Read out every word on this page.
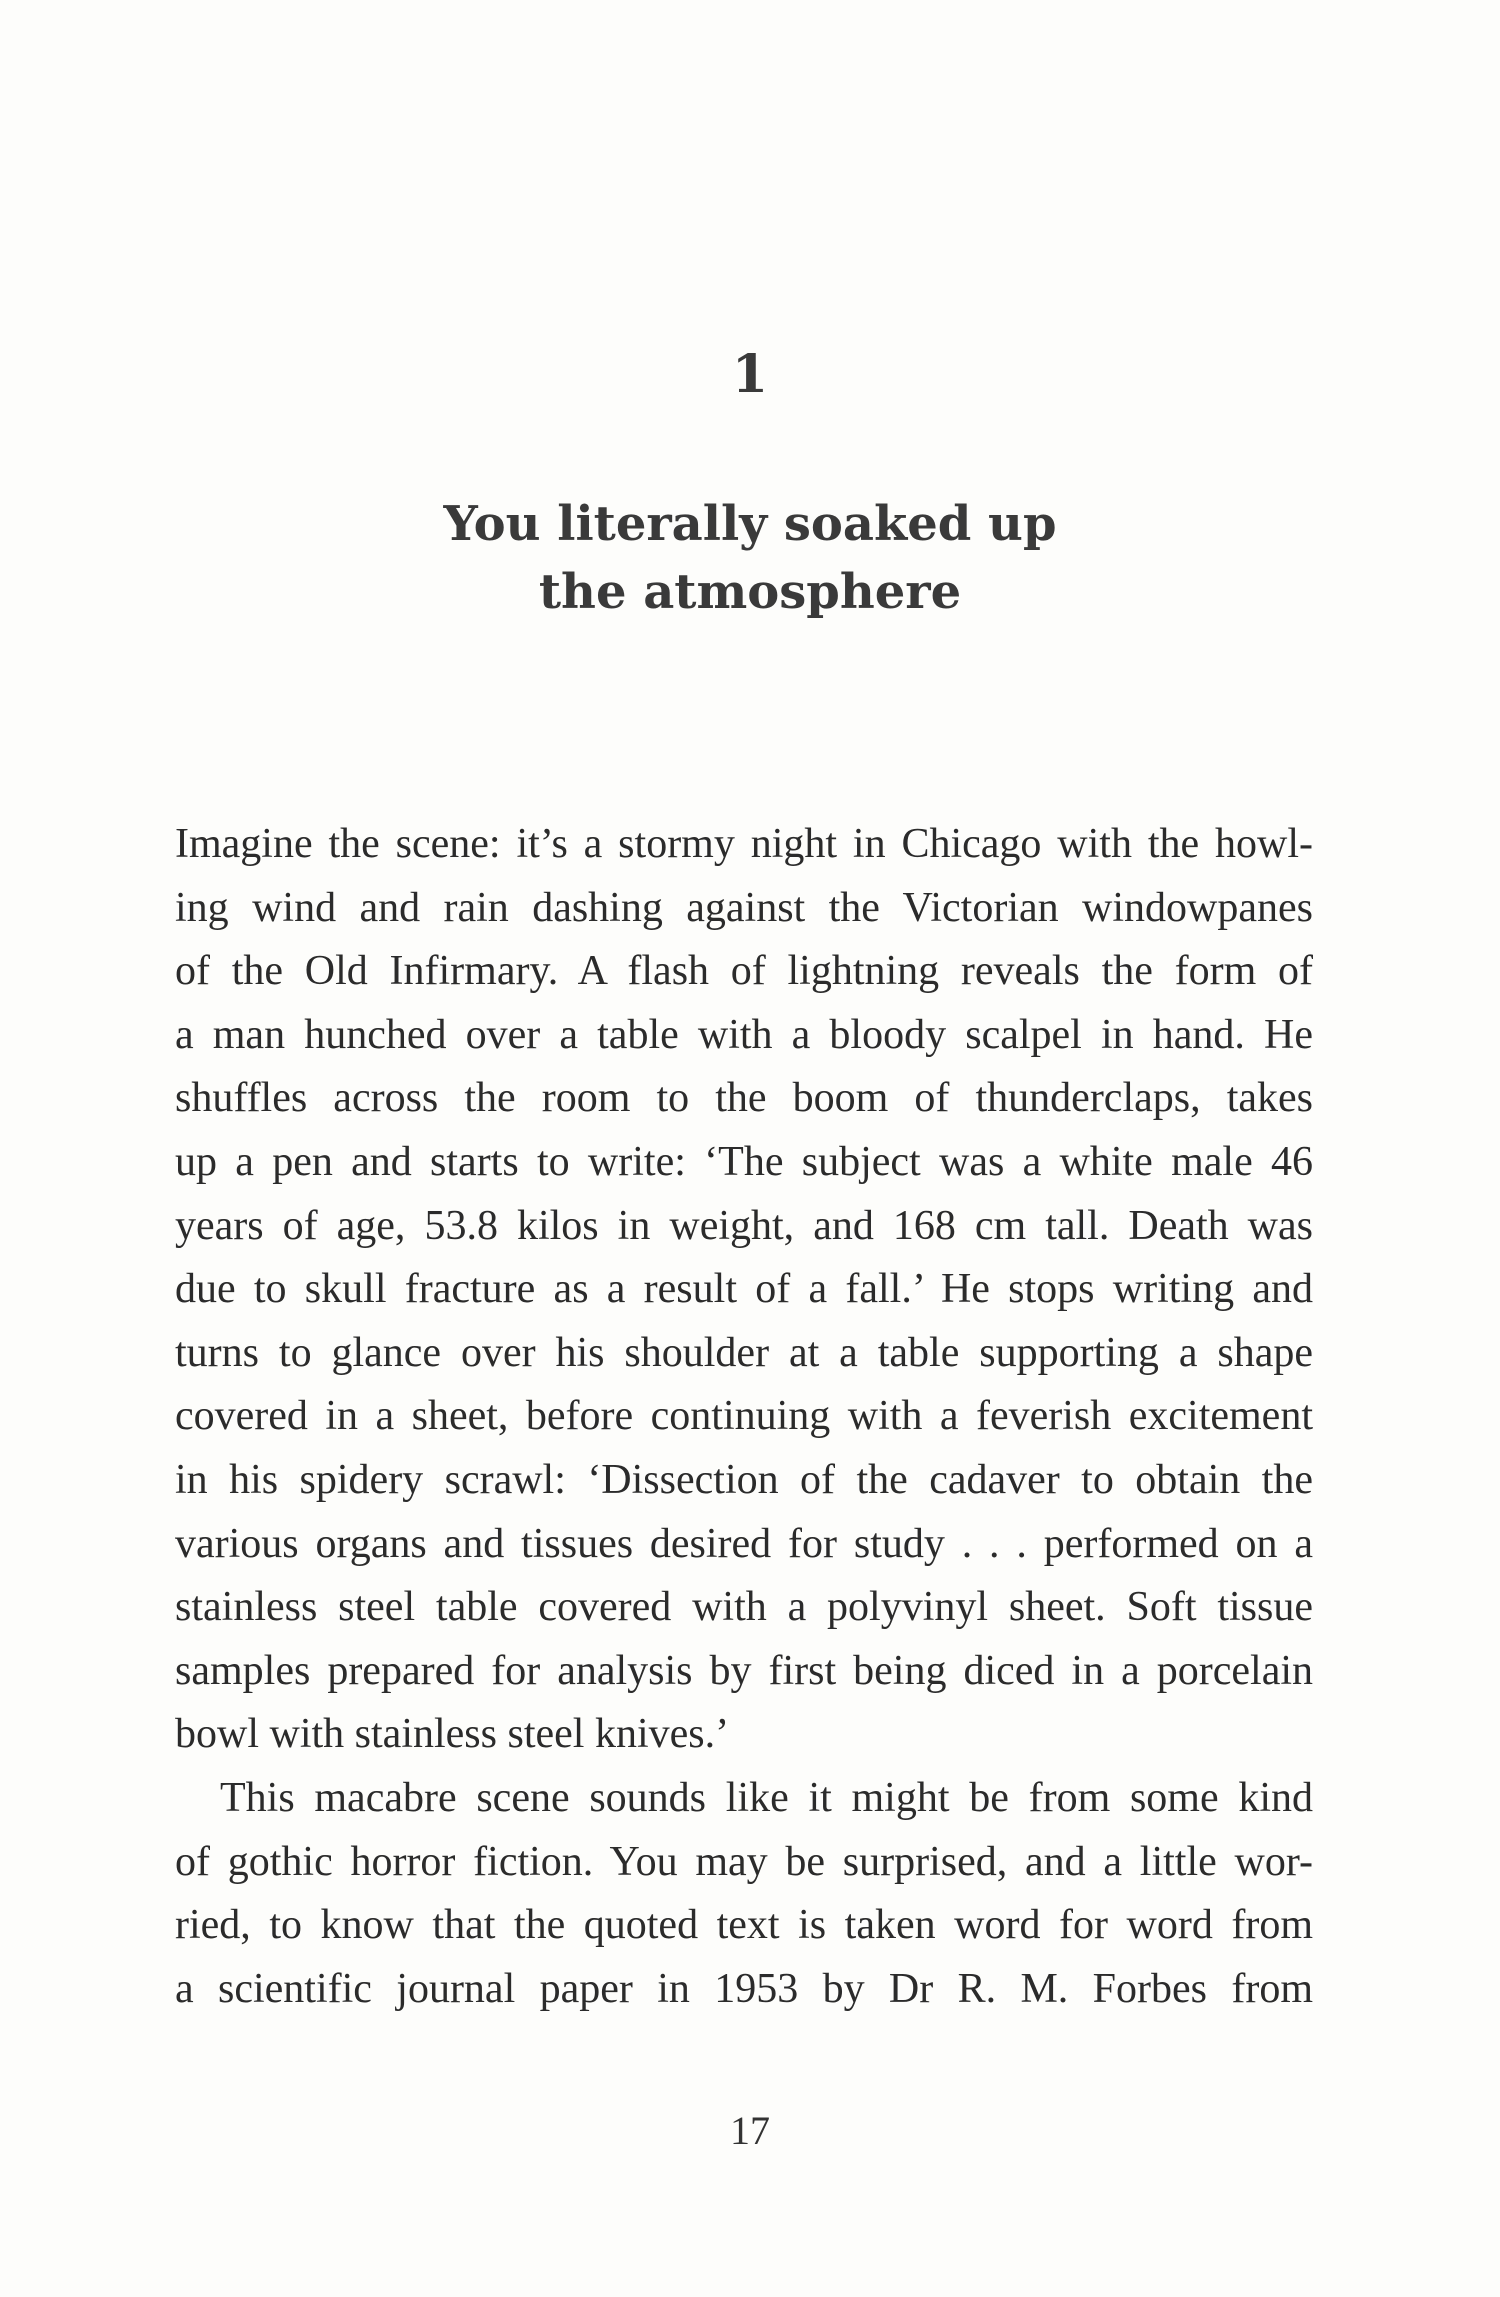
1
You literally soaked up
the atmosphere
Imagine the scene: it’s a stormy night in Chicago with the howl-
ing wind and rain dashing against the Victorian windowpanes
of the Old Infirmary. A flash of lightning reveals the form of
a man hunched over a table with a bloody scalpel in hand. He
shuffles across the room to the boom of thunderclaps, takes
up a pen and starts to write: ‘The subject was a white male 46
years of age, 53.8 kilos in weight, and 168 cm tall. Death was
due to skull fracture as a result of a fall.’ He stops writing and
turns to glance over his shoulder at a table supporting a shape
covered in a sheet, before continuing with a feverish excitement
in his spidery scrawl: ‘Dissection of the cadaver to obtain the
various organs and tissues desired for study . . . performed on a
stainless steel table covered with a polyvinyl sheet. Soft tissue
samples prepared for analysis by first being diced in a porcelain
bowl with stainless steel knives.’
This macabre scene sounds like it might be from some kind
of gothic horror fiction. You may be surprised, and a little wor-
ried, to know that the quoted text is taken word for word from
a scientific journal paper in 1953 by Dr R. M. Forbes from
17
